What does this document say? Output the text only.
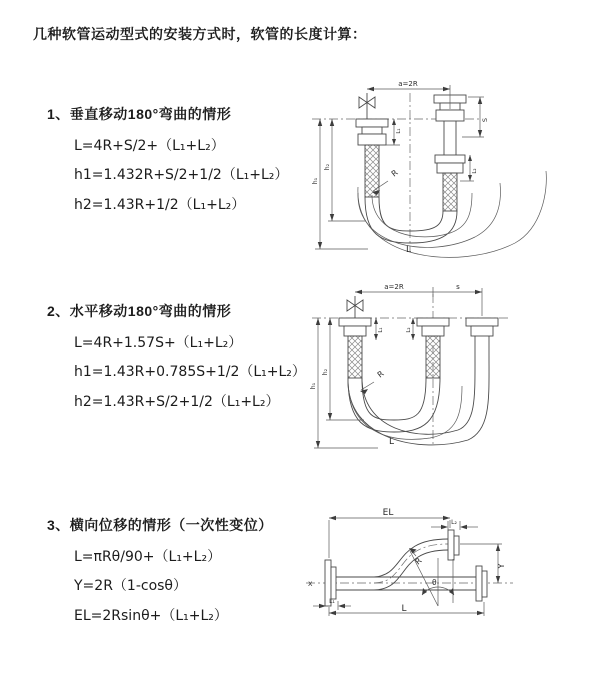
几种软管运动型式的安装方式时，软管的长度计算：
1、垂直移动180°弯曲的情形
L=4R+S/2+（L₁+L₂）
h1=1.432R+S/2+1/2（L₁+L₂）
h2=1.43R+1/2（L₁+L₂）
2、水平移动180°弯曲的情形
L=4R+1.57S+（L₁+L₂）
h1=1.43R+0.785S+1/2（L₁+L₂）
h2=1.43R+S/2+1/2（L₁+L₂）
3、横向位移的情形（一次性变位）
L=πRθ/90+（L₁+L₂）
Y=2R（1-cosθ）
EL=2Rsinθ+（L₁+L₂）
a=2R
h₁
h₂
L₁
S
L₂
R
L
a=2R	s
L₁	L₂
h₁
h₂	R
L
X	θ
R
EL
L₂
Y
L
L₁
